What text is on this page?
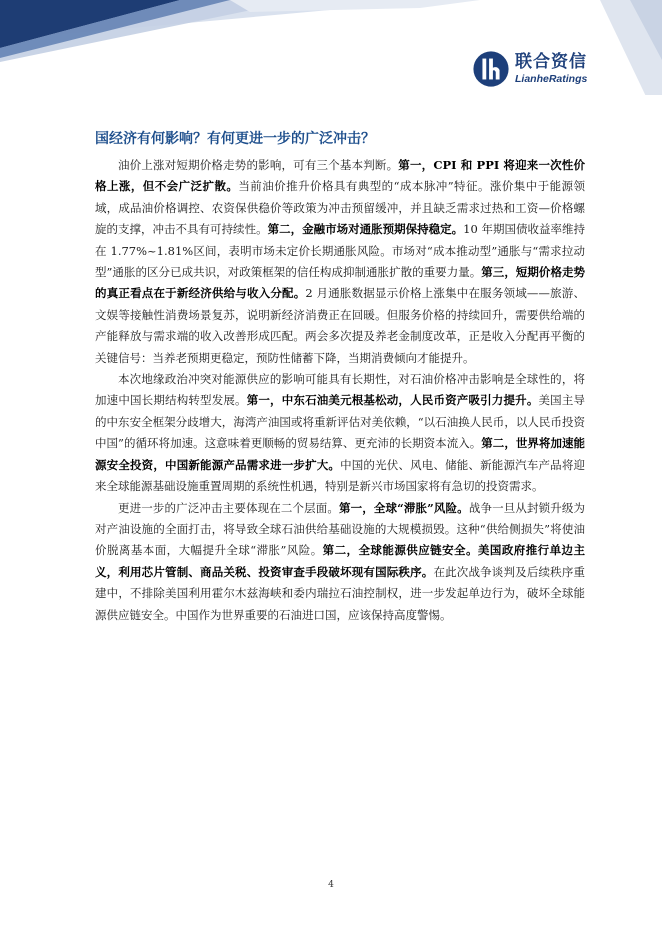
联合资信
LianheRatings
国经济有何影响？有何更进一步的广泛冲击？

油价上涨对短期价格走势的影响，可有三个基本判断。第一，CPI 和 PPI 将迎来一次性价格上涨，但不会广泛扩散。当前油价推升价格具有典型的“成本脉冲”特征。涨价集中于能源领域，成品油价格调控、农资保供稳价等政策为冲击预留缓冲，并且缺乏需求过热和工资—价格螺旋的支撑，冲击不具有可持续性。第二，金融市场对通胀预期保持稳定。10 年期国债收益率维持在 1.77%~1.81%区间，表明市场未定价长期通胀风险。市场对“成本推动型”通胀与“需求拉动型”通胀的区分已成共识，对政策框架的信任构成抑制通胀扩散的重要力量。第三，短期价格走势的真正看点在于新经济供给与收入分配。2 月通胀数据显示价格上涨集中在服务领域——旅游、文娱等接触性消费场景复苏，说明新经济消费正在回暖。但服务价格的持续回升，需要供给端的产能释放与需求端的收入改善形成匹配。两会多次提及养老金制度改革，正是收入分配再平衡的关键信号：当养老预期更稳定，预防性储蓄下降，当期消费倾向才能提升。

本次地缘政治冲突对能源供应的影响可能具有长期性，对石油价格冲击影响是全球性的，将加速中国长期结构转型发展。第一，中东石油美元根基松动，人民币资产吸引力提升。美国主导的中东安全框架分歧增大，海湾产油国或将重新评估对美依赖，“以石油换人民币，以人民币投资中国”的循环将加速。这意味着更顺畅的贸易结算、更充沛的长期资本流入。第二，世界将加速能源安全投资，中国新能源产品需求进一步扩大。中国的光伏、风电、储能、新能源汽车产品将迎来全球能源基础设施重置周期的系统性机遇，特别是新兴市场国家将有急切的投资需求。

更进一步的广泛冲击主要体现在二个层面。第一，全球“滞胀”风险。战争一旦从封锁升级为对产油设施的全面打击，将导致全球石油供给基础设施的大规模损毁。这种“供给侧损失”将使油价脱离基本面，大幅提升全球“滞胀”风险。第二，全球能源供应链安全。美国政府推行单边主义，利用芯片管制、商品关税、投资审查手段破坏现有国际秩序。在此次战争谈判及后续秩序重建中，不排除美国利用霍尔木兹海峡和委内瑞拉石油控制权，进一步发起单边行为，破坏全球能源供应链安全。中国作为世界重要的石油进口国，应该保持高度警惕。

4
